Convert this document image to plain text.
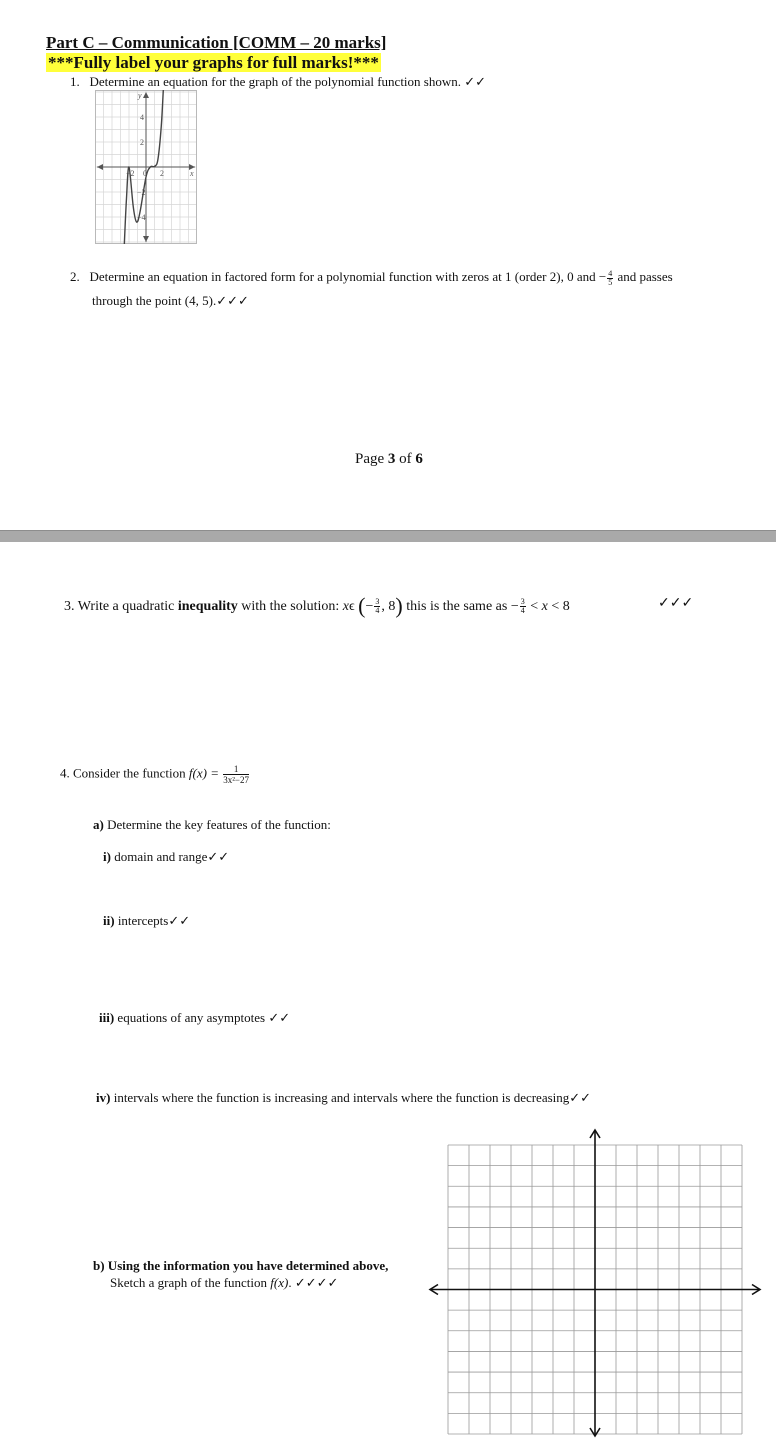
Part C – Communication [COMM – 20 marks]
***Fully label your graphs for full marks!***
1. Determine an equation for the graph of the polynomial function shown. ✓✓
y
x
4
2
−2
−4
−2 0 2
2. Determine an equation in factored form for a polynomial function with zeros at 1 (order 2), 0 and − $\frac{4}{5}$ and passes
through the point (4, 5).✓✓✓
Page 3 of 6
3. Write a quadratic inequality with the solution: xϵ (− $\frac{3}{4}$ , 8) this is the same as − $\frac{3}{4} < x < 8$	✓✓✓
4. Consider the function $f(x) = \frac{1}{\text{3x²−27}}$
a) Determine the key features of the function:
i) domain and range✓✓
ii) intercepts✓✓
iii) equations of any asymptotes ✓✓
iv) intervals where the function is increasing and intervals where the function is decreasing✓✓
b) Using the information you have determined above,
Sketch a graph of the function f(x). ✓✓✓✓
